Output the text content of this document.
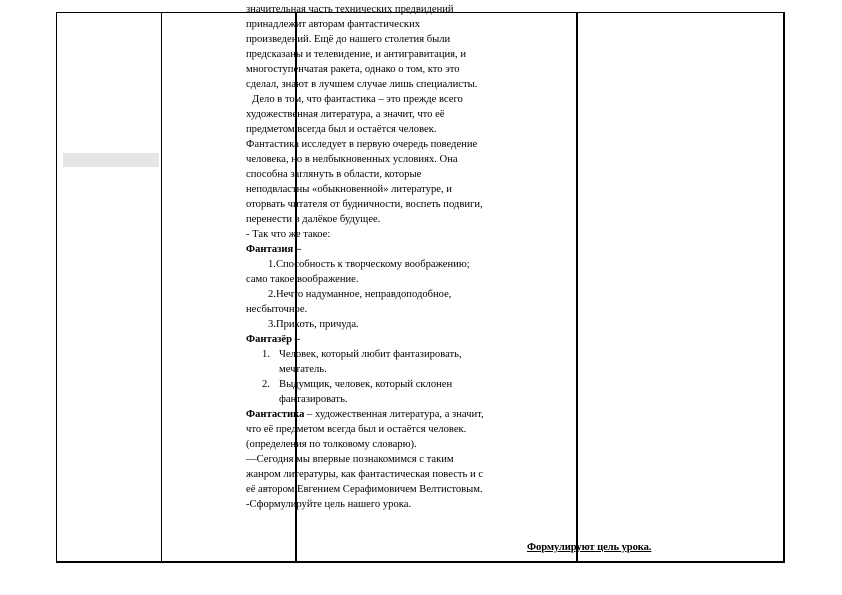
значительная часть технических предвидений

принадлежит авторам фантастических

произведений. Ещё до нашего столетия были

предсказаны и телевидение, и антигравитация, и

многоступенчатая ракета, однако о том, кто это

сделал, знают в лучшем случае лишь специалисты.

Дело в том, что фантастика – это прежде всего

художественная литература, а значит, что её

предметом всегда был и остаётся человек.

Фантастика исследует в первую очередь поведение

человека, но в нелбыкновенных условиях. Она

способна заглянуть в области, которые

неподвластны «обыкновенной» литературе, и

оторвать читателя от будничности, воспеть подвиги,

перенести в далёкое будущее.

- Так что же такое:

Фантазия –

1.Способность к творческому воображению;

само такое воображение.

2.Нечто надуманное, неправдоподобное,

несбыточное.

3.Прихоть, причуда.

Фантазёр –

1. Человек, который любит фантазировать,
мечтатель.
2. Выдумщик, человек, который склонен
фантазировать.

Фантастика – художественная литература, а значит,

что её предметом всегда был и остаётся человек.

(определения по толковому словарю).

—Сегодня мы впервые познакомимся с таким

жанром литературы, как фантастическая повесть и с

её автором Евгением Серафимовичем Велтистовым.

-Сформулируйте цель нашего урока.

Формулируют цель урока.
